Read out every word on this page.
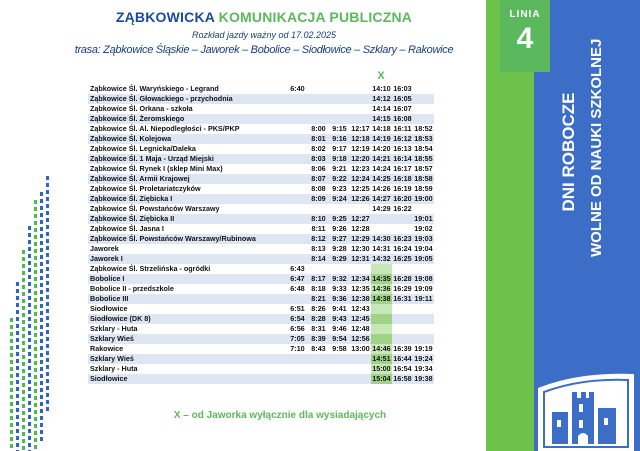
ZĄBKOWICKA KOMUNIKACJA PUBLICZNA
Rozkład jazdy ważny od 17.02.2025
trasa: Ząbkowice Śląskie – Jaworek – Bobolice – Siodłowice – Szklary – Rakowice
X
Ząbkowice Śl. Waryńskiego - Legrand	6:40				14:10	16:03	
Ząbkowice Śl. Głowackiego - przychodnia					14:12	16:05	
Ząbkowice Śl. Orkana - szkoła					14:14	16:07	
Ząbkowice Śl. Żeromskiego					14:15	16:08	
Ząbkowice Śl. Al. Niepodległości - PKS/PKP		8:00	9:15	12:17	14:18	16:11	18:52
Ząbkowice Śl. Kolejowa		8:01	9:16	12:18	14:19	16:12	18:53
Ząbkowice Śl. Legnicka/Daleka		8:02	9:17	12:19	14:20	16:13	18:54
Ząbkowice Śl. 1 Maja - Urząd Miejski		8:03	9:18	12:20	14:21	16:14	18:55
Ząbkowice Śl. Rynek I (sklep Mini Max)		8:06	9:21	12:23	14:24	16:17	18:57
Ząbkowice Śl. Armii Krajowej		8:07	9:22	12:24	14:25	16:18	18:58
Ząbkowice Śl. Proletariatczyków		8:08	9:23	12:25	14:26	16:19	18:59
Ząbkowice Śl. Ziębicka I		8:09	9:24	12:26	14:27	16:20	19:00
Ząbkowice Śl. Powstańców Warszawy					14:29	16:22	
Ząbkowice Śl. Ziębicka II		8:10	9:25	12:27			19:01
Ząbkowice Śl. Jasna I		8:11	9:26	12:28			19:02
Ząbkowice Śl. Powstańców Warszawy/Rubinowa		8:12	9:27	12:29	14:30	16:23	19:03
Jaworek		8:13	9:28	12:30	14:31	16:24	19:04
Jaworek I		8:14	9:29	12:31	14:32	16:25	19:05
Ząbkowice Śl. Strzelińska - ogródki	6:43						
Bobolice I	6:47	8:17	9:32	12:34	14:35	16:28	19:08
Bobolice II - przedszkole	6:48	8:18	9:33	12:35	14:36	16:29	19:09
Bobolice III		8:21	9:36	12:38	14:38	16:31	19:11
Siodłowice	6:51	8:26	9:41	12:43			
Siodłowice (DK 8)	6:54	8:28	9:43	12:45			
Szklary - Huta	6:56	8:31	9:46	12:48			
Szklary Wieś	7:05	8:39	9:54	12:56			
Rakowice	7:10	8:43	9:58	13:00	14:46	16:39	19:19
Szklary Wieś					14:51	16:44	19:24
Szklary - Huta					15:00	16:54	19:34
Siodłowice					15:04	16:58	19:38
X – od Jaworka wyłącznie dla wysiadających
LINIA
4
DNI ROBOCZE WOLNE OD NAUKI SZKOLNEJ
